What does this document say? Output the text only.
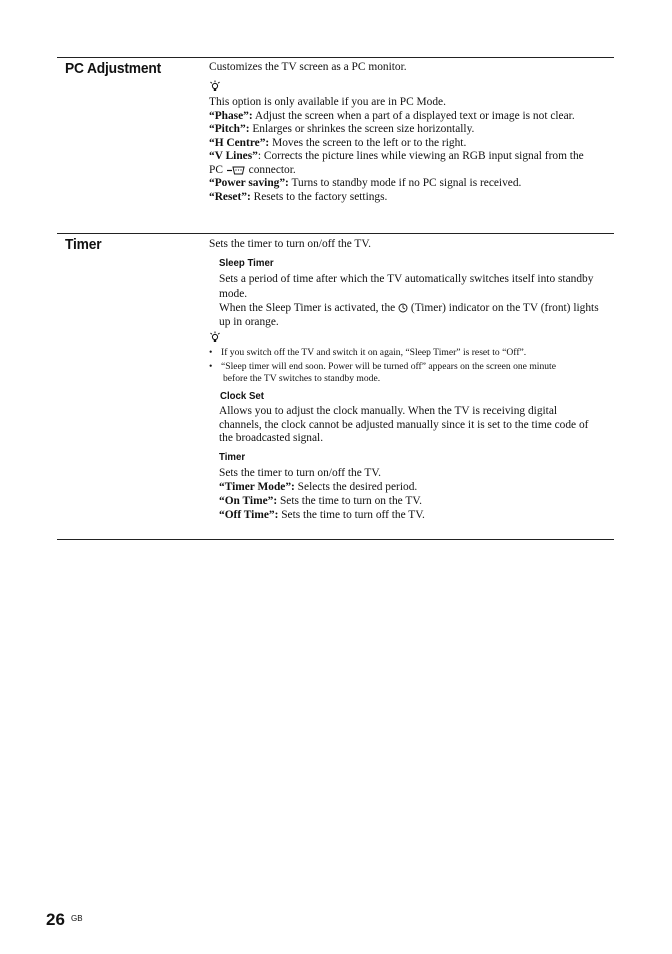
PC Adjustment	Customizes the TV screen as a PC monitor.
This option is only available if you are in PC Mode.
“Phase”: Adjust the screen when a part of a displayed text or image is not clear.
“Pitch”: Enlarges or shrinkes the screen size horizontally.
“H Centre”: Moves the screen to the left or to the right.
“V Lines”: Corrects the picture lines while viewing an RGB input signal from the
PC  connector.
“Power saving”: Turns to standby mode if no PC signal is received.
“Reset”: Resets to the factory settings.
Timer	Sets the timer to turn on/off the TV.
Sleep Timer
Sets a period of time after which the TV automatically switches itself into standby
mode.
When the Sleep Timer is activated, the (Timer) indicator on the TV (front) lights
up in orange.
• If you switch off the TV and switch it on again, “Sleep Timer” is reset to “Off”.
• “Sleep timer will end soon. Power will be turned off” appears on the screen one minute
before the TV switches to standby mode.
Clock Set
Allows you to adjust the clock manually. When the TV is receiving digital
channels, the clock cannot be adjusted manually since it is set to the time code of
the broadcasted signal.
Timer
Sets the timer to turn on/off the TV.
“Timer Mode”: Selects the desired period.
“On Time”: Sets the time to turn on the TV.
“Off Time”: Sets the time to turn off the TV.
26 GB
